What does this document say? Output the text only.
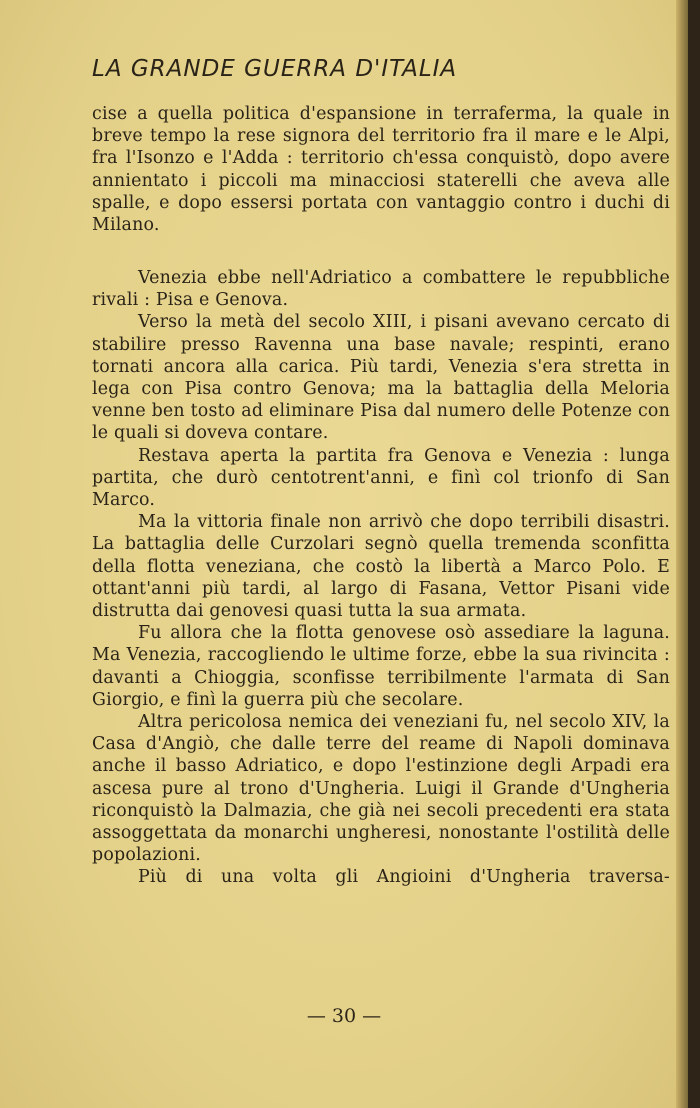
LA GRANDE GUERRA D'ITALIA

cise a quella politica d'espansione in terraferma, la quale in breve tempo la rese signora del territorio fra il mare e le Alpi, fra l'Isonzo e l'Adda : territorio ch'essa conquistò, dopo avere annientato i piccoli ma minacciosi staterelli che aveva alle spalle, e dopo essersi portata con vantaggio contro i duchi di Milano.

Venezia ebbe nell'Adriatico a combattere le repubbliche rivali : Pisa e Genova.

Verso la metà del secolo XIII, i pisani avevano cercato di stabilire presso Ravenna una base navale; respinti, erano tornati ancora alla carica. Più tardi, Venezia s'era stretta in lega con Pisa contro Genova; ma la battaglia della Meloria venne ben tosto ad eliminare Pisa dal numero delle Potenze con le quali si doveva contare.

Restava aperta la partita fra Genova e Venezia : lunga partita, che durò centotrent'anni, e finì col trionfo di San Marco.

Ma la vittoria finale non arrivò che dopo terribili disastri. La battaglia delle Curzolari segnò quella tremenda sconfitta della flotta veneziana, che costò la libertà a Marco Polo. E ottant'anni più tardi, al largo di Fasana, Vettor Pisani vide distrutta dai genovesi quasi tutta la sua armata.

Fu allora che la flotta genovese osò assediare la laguna. Ma Venezia, raccogliendo le ultime forze, ebbe la sua rivincita : davanti a Chioggia, sconfisse terribilmente l'armata di San Giorgio, e finì la guerra più che secolare.

Altra pericolosa nemica dei veneziani fu, nel secolo XIV, la Casa d'Angiò, che dalle terre del reame di Napoli dominava anche il basso Adriatico, e dopo l'estinzione degli Arpadi era ascesa pure al trono d'Ungheria. Luigi il Grande d'Ungheria riconquistò la Dalmazia, che già nei secoli precedenti era stata assoggettata da monarchi ungheresi, nonostante l'ostilità delle popolazioni.

Più di una volta gli Angioini d'Ungheria traversa-

— 30 —
